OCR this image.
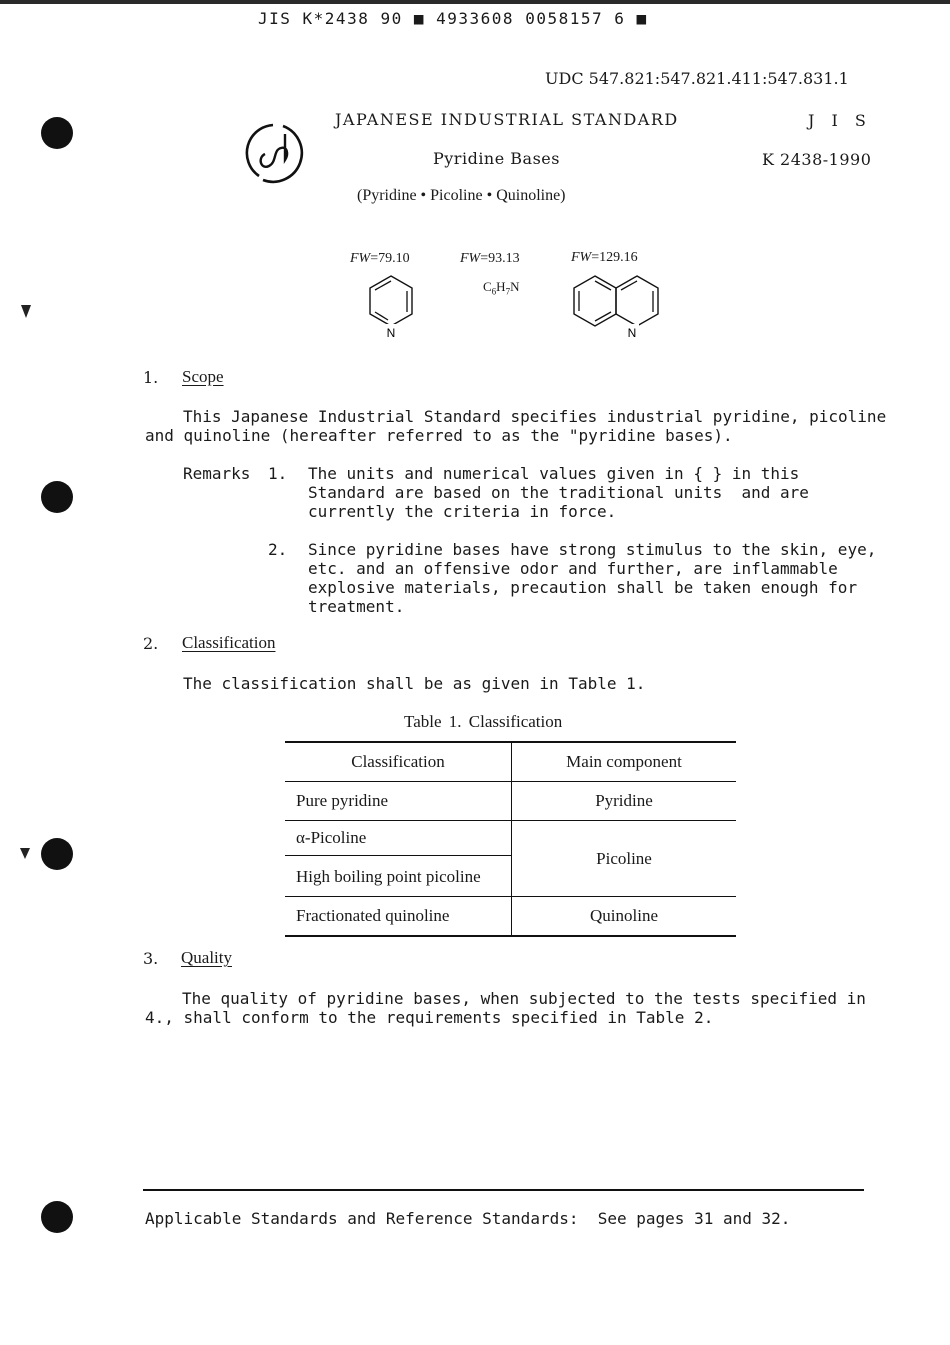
JIS K*2438 90 ■ 4933608 0058157 6 ■
UDC 547.821:547.821.411:547.831.1
JAPANESE INDUSTRIAL STANDARD	J I S
Pyridine Bases	K 2438-1990
(Pyridine • Picoline • Quinoline)
FW=79.10	FW=93.13	FW=129.16
$C_6H_7N$
N	N
1. Scope
This Japanese Industrial Standard specifies industrial pyridine, picoline
and quinoline (hereafter referred to as the "pyridine bases).
Remarks 1. The units and numerical values given in { } in this
Standard are based on the traditional units  and are
currently the criteria in force.
2. Since pyridine bases have strong stimulus to the skin, eye,
etc. and an offensive odor and further, are inflammable
explosive materials, precaution shall be taken enough for
treatment.
2. Classification
The classification shall be as given in Table 1.
Table 1. Classification
Classification	Main component
Pure pyridine	Pyridine
α-Picoline	Picoline
High boiling point picoline	
Fractionated quinoline	Quinoline
3. Quality
The quality of pyridine bases, when subjected to the tests specified in
4., shall conform to the requirements specified in Table 2.
Applicable Standards and Reference Standards:  See pages 31 and 32.
